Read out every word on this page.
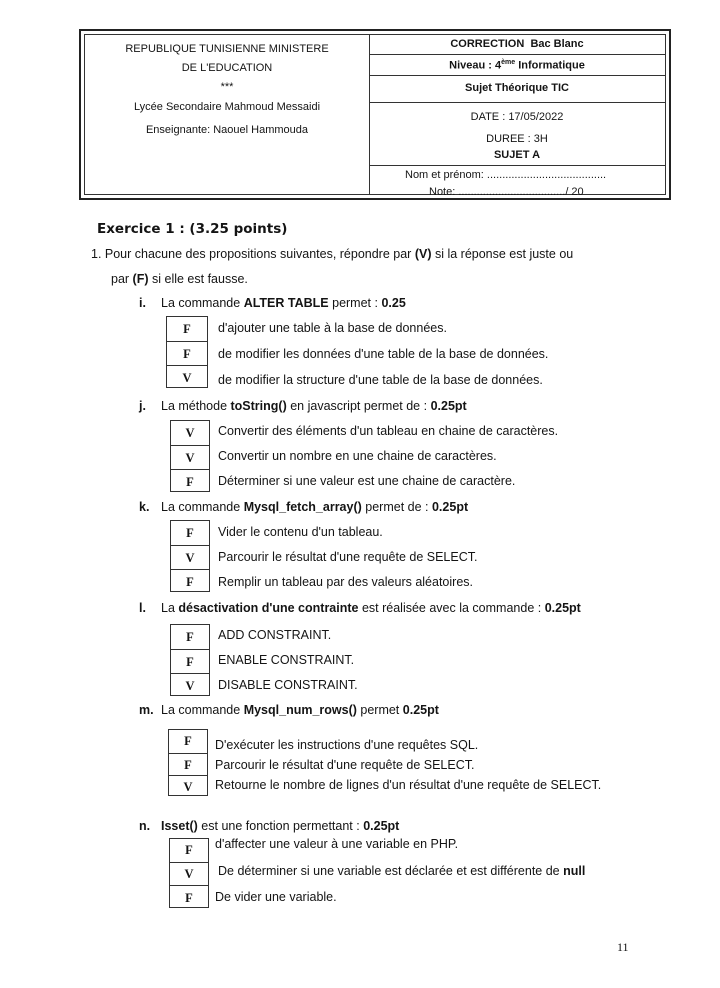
REPUBLIQUE TUNISIENNE MINISTERE
DE L'EDUCATION
***
Lycée Secondaire Mahmoud Messaidi
Enseignante: Naouel Hammouda
CORRECTION Bac Blanc
Niveau : 4ème Informatique
Sujet Théorique TIC
DATE : 17/05/2022
DUREE : 3H
SUJET A
Nom et prénom: .......................................
Note: .................................../ 20
Exercice 1 : (3.25 points)
1. Pour chacune des propositions suivantes, répondre par (V) si la réponse est juste ou
par (F) si elle est fausse.
i. La commande ALTER TABLE permet : 0.25
F
F
V
d'ajouter une table à la base de données.
de modifier les données d'une table de la base de données.
de modifier la structure d'une table de la base de données.
j. La méthode toString() en javascript permet de : 0.25pt
V
V
F
Convertir des éléments d'un tableau en chaine de caractères.
Convertir un nombre en une chaine de caractères.
Déterminer si une valeur est une chaine de caractère.
k. La commande Mysql_fetch_array() permet de : 0.25pt
F
V
F
Vider le contenu d'un tableau.
Parcourir le résultat d'une requête de SELECT.
Remplir un tableau par des valeurs aléatoires.
l. La désactivation d'une contrainte est réalisée avec la commande : 0.25pt
F
F
V
ADD CONSTRAINT.
ENABLE CONSTRAINT.
DISABLE CONSTRAINT.
m. La commande Mysql_num_rows() permet 0.25pt
F
F
V
D'exécuter les instructions d'une requêtes SQL.
Parcourir le résultat d'une requête de SELECT.
Retourne le nombre de lignes d'un résultat d'une requête de SELECT.
n. Isset() est une fonction permettant : 0.25pt
F
V
F
d'affecter une valeur à une variable en PHP.
De déterminer si une variable est déclarée et est différente de null
De vider une variable.
11
